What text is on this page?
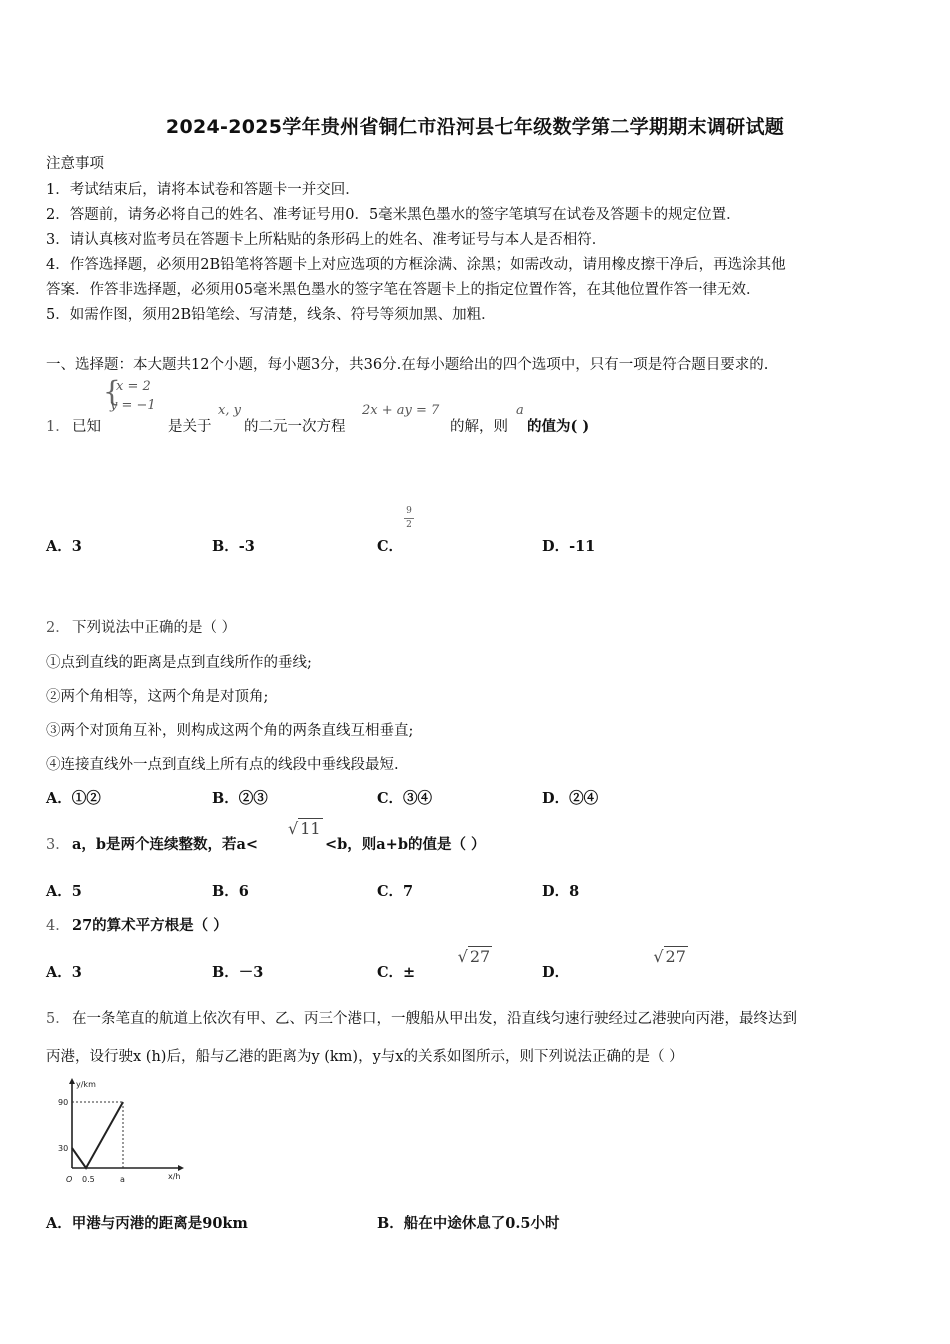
2024-2025学年贵州省铜仁市沿河县七年级数学第二学期期末调研试题
注意事项
1．考试结束后，请将本试卷和答题卡一并交回．
2．答题前，请务必将自己的姓名、准考证号用0．5毫米黑色墨水的签字笔填写在试卷及答题卡的规定位置．
3．请认真核对监考员在答题卡上所粘贴的条形码上的姓名、准考证号与本人是否相符．
4．作答选择题，必须用2B铅笔将答题卡上对应选项的方框涂满、涂黑；如需改动，请用橡皮擦干净后，再选涂其他
答案．作答非选择题，必须用05毫米黑色墨水的签字笔在答题卡上的指定位置作答，在其他位置作答一律无效．
5．如需作图，须用2B铅笔绘、写清楚，线条、符号等须加黑、加粗．
一、选择题：本大题共12个小题，每小题3分，共36分.在每小题给出的四个选项中，只有一项是符合题目要求的.
{
x = 2
y = −1
1． 已知	是关于
x, y
的二元一次方程
2x + ay = 7
的解，则
a
的值为( )
A．3	B．-3	C．
9
2
D．-11
2． 下列说法中正确的是（ ）
①点到直线的距离是点到直线所作的垂线;
②两个角相等，这两个角是对顶角;
③两个对顶角互补，则构成这两个角的两条直线互相垂直;
④连接直线外一点到直线上所有点的线段中垂线段最短.
A．①②	B．②③	C．③④	D．②④
3． a，b是两个连续整数，若a<
√ 11
<b，则a+b的值是（ ）
A．5	B．6	C．7	D．8
4． 27的算术平方根是（ ）
A．3	B．－3	C．±
√ 27
D．
√ 27
5． 在一条笔直的航道上依次有甲、乙、丙三个港口，一艘船从甲出发，沿直线匀速行驶经过乙港驶向丙港，最终达到
丙港，设行驶x (h)后，船与乙港的距离为y (km)，y与x的关系如图所示，则下列说法正确的是（ ）
y/km
x/h
90
30
0.5	a
O
A．甲港与丙港的距离是90km	B．船在中途休息了0.5小时
